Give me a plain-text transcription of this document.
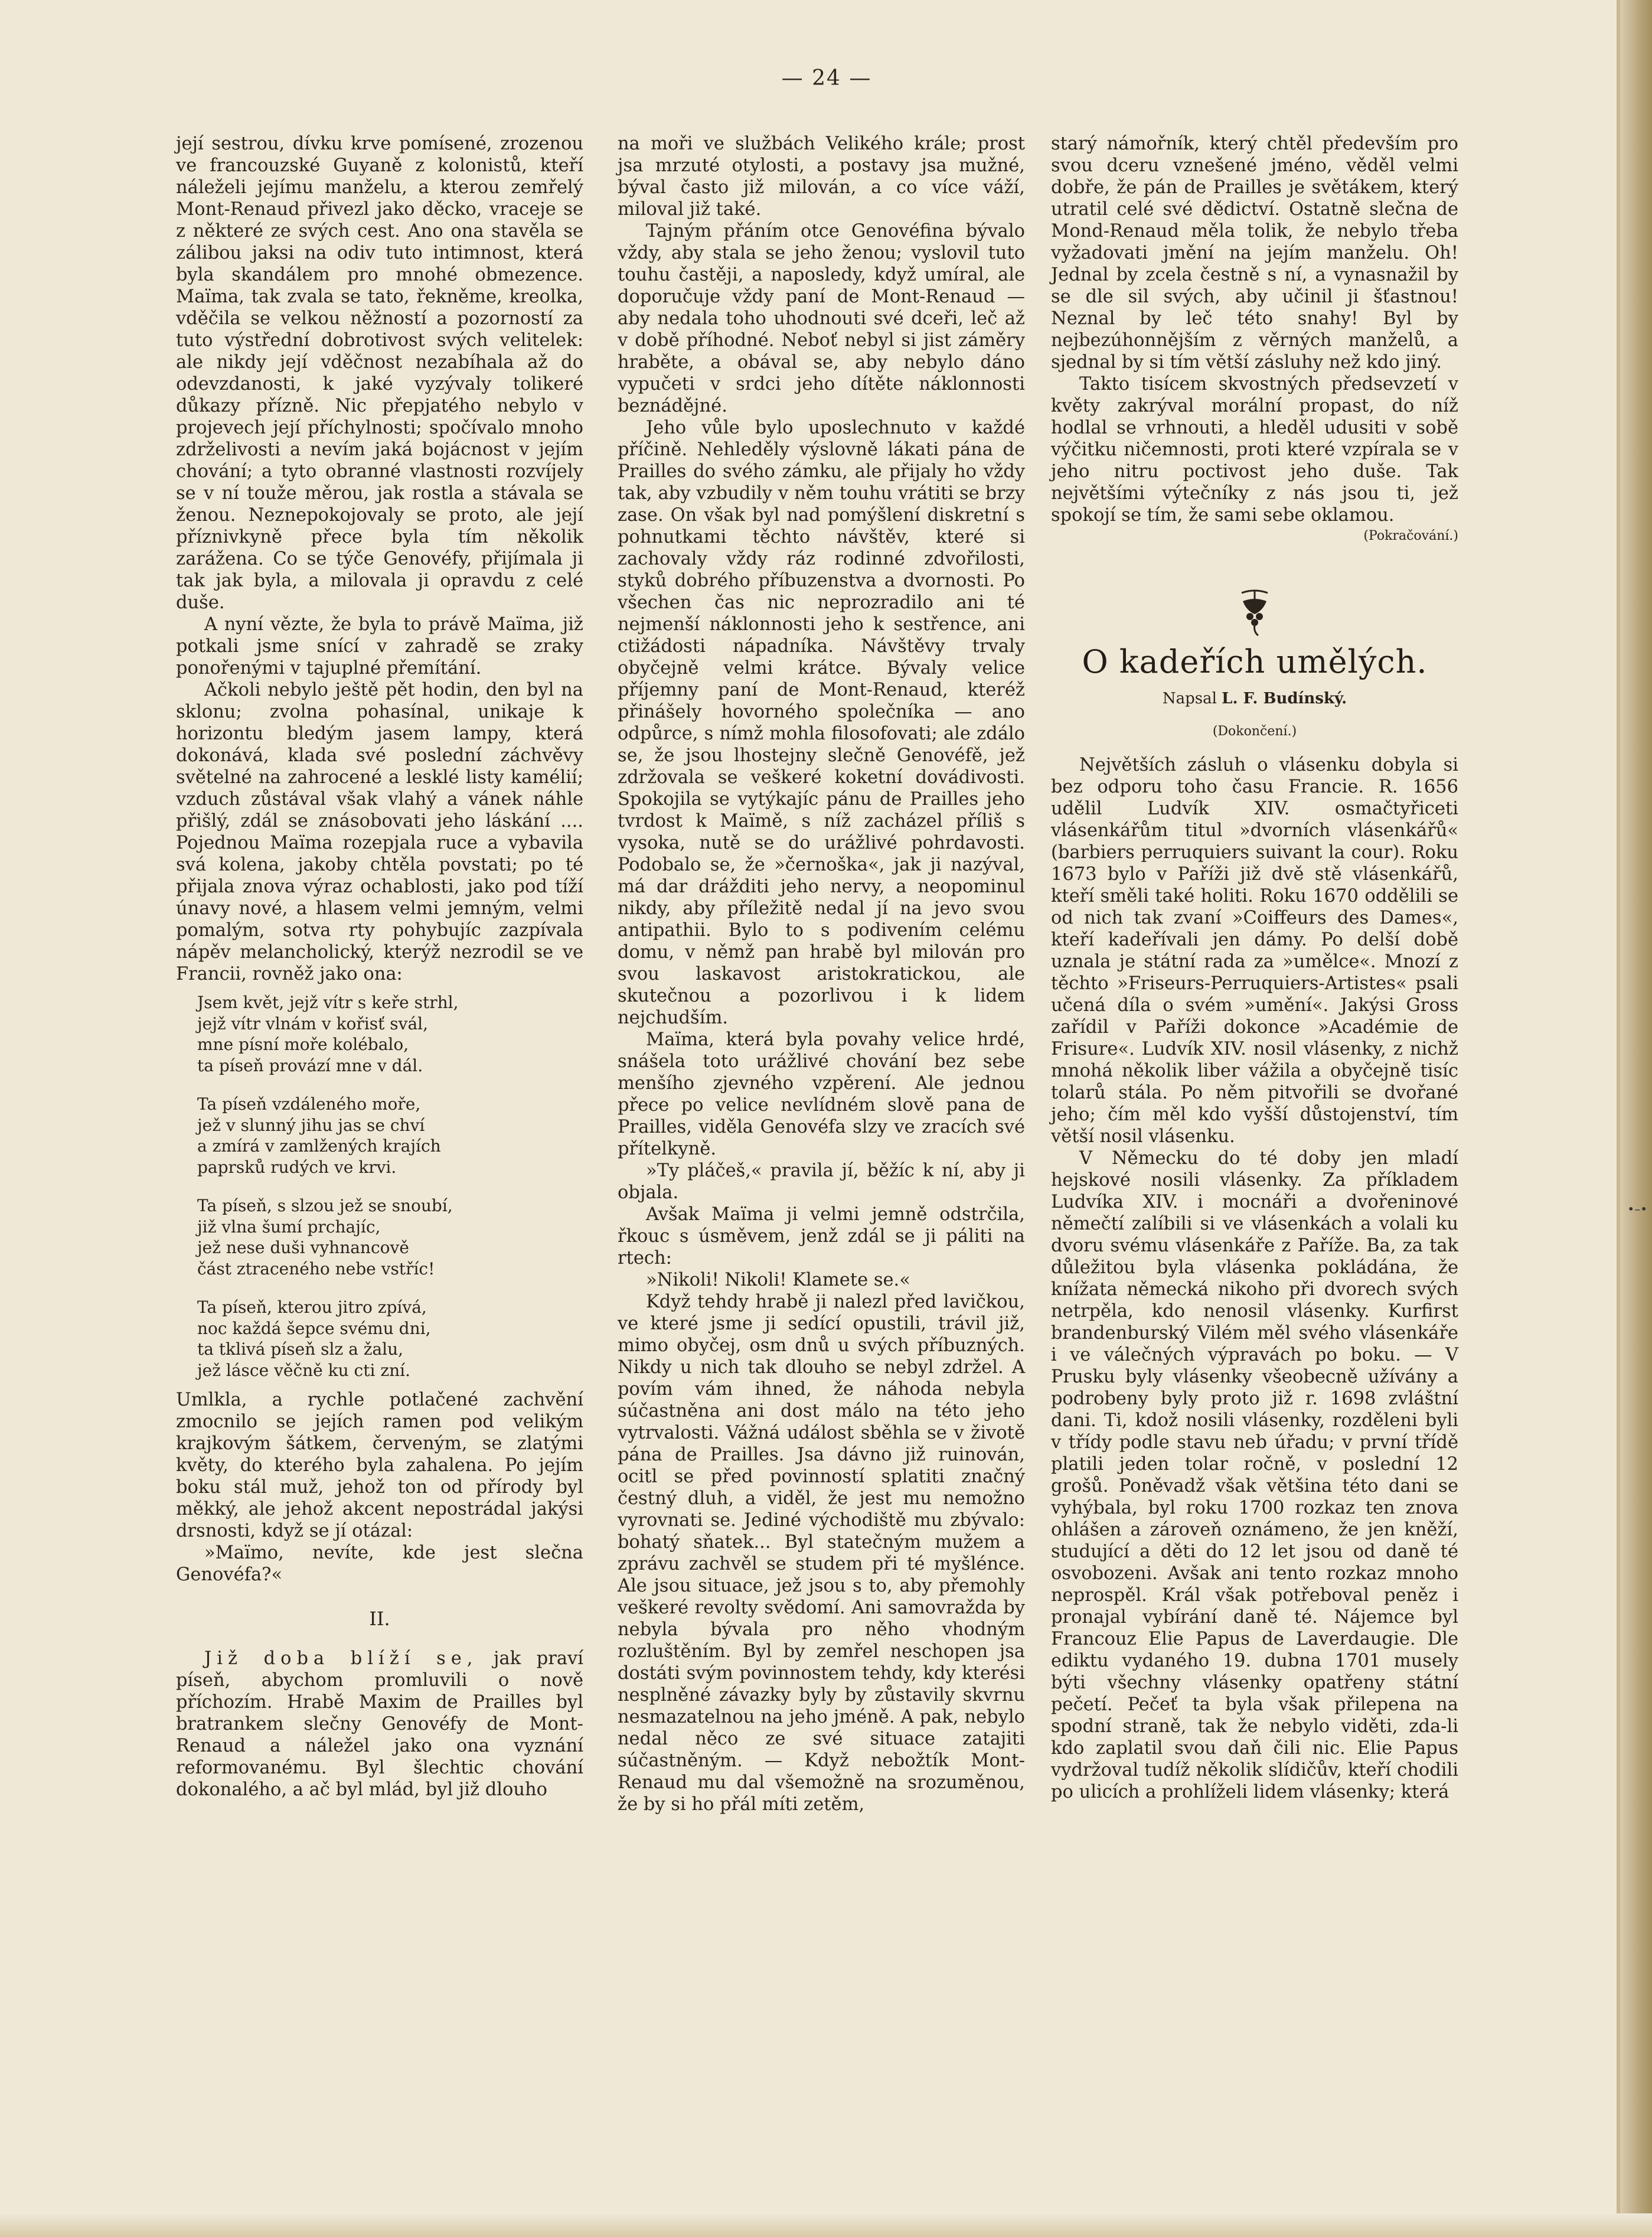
•–•
— 24 —

její sestrou, dívku krve pomísené, zrozenou ve francouzské Guyaně z kolonistů, kteří náleželi jejímu manželu, a kterou zemřelý Mont-Renaud přivezl jako děcko, vraceje se z některé ze svých cest. Ano ona stavěla se zálibou jaksi na odiv tuto intimnost, která byla skandálem pro mnohé obmezence. Maïma, tak zvala se tato, řekněme, kreolka, vděčila se velkou něžností a pozorností za tuto výstřední dobrotivost svých velitelek: ale nikdy její vděčnost nezabíhala až do odevzdanosti, k jaké vyzývaly tolikeré důkazy přízně. Nic přepjatého nebylo v projevech její příchylnosti; spočívalo mnoho zdrželivosti a nevím jaká bojácnost v jejím chování; a tyto obranné vlastnosti rozvíjely se v ní touže měrou, jak rostla a stávala se ženou. Neznepokojovaly se proto, ale její příznivkyně přece byla tím několik zarážena. Co se týče Genovéfy, přijímala ji tak jak byla, a milovala ji opravdu z celé duše.

A nyní vězte, že byla to právě Maïma, již potkali jsme snící v zahradě se zraky ponořenými v tajuplné přemítání.

Ačkoli nebylo ještě pět hodin, den byl na sklonu; zvolna pohasínal, unikaje k horizontu bledým jasem lampy, která dokonává, klada své poslední záchvěvy světelné na zahrocené a lesklé listy kamélií; vzduch zůstával však vlahý a vánek náhle přišlý, zdál se znásobovati jeho láskání .... Pojednou Maïma rozepjala ruce a vybavila svá kolena, jakoby chtěla povstati; po té přijala znova výraz ochablosti, jako pod tíží únavy nové, a hlasem velmi jemným, velmi pomalým, sotva rty pohybujíc zazpívala nápěv melancholický, kterýž nezrodil se ve Francii, rovněž jako ona:

Jsem květ, jejž vítr s keře strhl,
jejž vítr vlnám v kořisť svál,
mne písní moře kolébalo,
ta píseň provází mne v dál.
Ta píseň vzdáleného moře,
jež v slunný jihu jas se chví
a zmírá v zamlžených krajích
paprsků rudých ve krvi.
Ta píseň, s slzou jež se snoubí,
již vlna šumí prchajíc,
jež nese duši vyhnancově
část ztraceného nebe vstříc!
Ta píseň, kterou jitro zpívá,
noc každá šepce svému dni,
ta tklivá píseň slz a žalu,
jež lásce věčně ku cti zní.

Umlkla, a rychle potlačené zachvění zmocnilo se jejích ramen pod velikým krajkovým šátkem, červeným, se zlatými květy, do kterého byla zahalena. Po jejím boku stál muž, jehož ton od přírody byl měkký, ale jehož akcent nepostrádal jakýsi drsnosti, když se jí otázal:

»Maïmo, nevíte, kde jest slečna Genovéfa?«

II.

Již doba blíží se, jak praví píseň, abychom promluvili o nově příchozím. Hrabě Maxim de Prailles byl bratrankem slečny Genovéfy de Mont-Renaud a náležel jako ona vyznání reformovanému. Byl šlechtic chování dokonalého, a ač byl mlád, byl již dlouho

na moři ve službách Velikého krále; prost jsa mrzuté otylosti, a postavy jsa mužné, býval často již milován, a co více váží, miloval již také.

Tajným přáním otce Genovéfina bývalo vždy, aby stala se jeho ženou; vyslovil tuto touhu častěji, a naposledy, když umíral, ale doporučuje vždy paní de Mont-Renaud — aby nedala toho uhodnouti své dceři, leč až v době příhodné. Neboť nebyl si jist záměry hraběte, a obával se, aby nebylo dáno vypučeti v srdci jeho dítěte náklonnosti beznádějné.

Jeho vůle bylo uposlechnuto v každé příčině. Nehleděly výslovně lákati pána de Prailles do svého zámku, ale přijaly ho vždy tak, aby vzbudily v něm touhu vrátiti se brzy zase. On však byl nad pomýšlení diskretní s pohnutkami těchto návštěv, které si zachovaly vždy ráz rodinné zdvořilosti, styků dobrého příbuzenstva a dvornosti. Po všechen čas nic neprozradilo ani té nejmenší náklonnosti jeho k sestřence, ani ctižádosti nápadníka. Návštěvy trvaly obyčejně velmi krátce. Bývaly velice příjemny paní de Mont-Renaud, kteréž přinášely hovorného společníka — ano odpůrce, s nímž mohla filosofovati; ale zdálo se, že jsou lhostejny slečně Genovéfě, jež zdržovala se veškeré koketní dovádivosti. Spokojila se vytýkajíc pánu de Prailles jeho tvrdost k Maïmě, s níž zacházel příliš s vysoka, nutě se do urážlivé pohrdavosti. Podobalo se, že »černoška«, jak ji nazýval, má dar drážditi jeho nervy, a neopominul nikdy, aby příležitě nedal jí na jevo svou antipathii. Bylo to s podivením celému domu, v němž pan hrabě byl milován pro svou laskavost aristokratickou, ale skutečnou a pozorlivou i k lidem nejchudším.

Maïma, která byla povahy velice hrdé, snášela toto urážlivé chování bez sebe menšího zjevného vzpěrení. Ale jednou přece po velice nevlídném slově pana de Prailles, viděla Genovéfa slzy ve zracích své přítelkyně.

»Ty pláčeš,« pravila jí, běžíc k ní, aby ji objala.

Avšak Maïma ji velmi jemně odstrčila, řkouc s úsměvem, jenž zdál se ji páliti na rtech:

»Nikoli! Nikoli! Klamete se.«

Když tehdy hrabě ji nalezl před lavičkou, ve které jsme ji sedící opustili, trávil již, mimo obyčej, osm dnů u svých příbuzných. Nikdy u nich tak dlouho se nebyl zdržel. A povím vám ihned, že náhoda nebyla súčastněna ani dost málo na této jeho vytrvalosti. Vážná událost sběhla se v životě pána de Prailles. Jsa dávno již ruinován, ocitl se před povinností splatiti značný čestný dluh, a viděl, že jest mu nemožno vyrovnati se. Jediné východiště mu zbývalo: bohatý sňatek... Byl statečným mužem a zprávu zachvěl se studem při té myšlénce. Ale jsou situace, jež jsou s to, aby přemohly veškeré revolty svědomí. Ani samovražda by nebyla bývala pro něho vhodným rozluštěním. Byl by zemřel neschopen jsa dostáti svým povinnostem tehdy, kdy kterési nesplněné závazky byly by zůstavily skvrnu nesmazatelnou na jeho jméně. A pak, nebylo nedal něco ze své situace zatajiti súčastněným. — Když nebožtík Mont-Renaud mu dal všemožně na srozuměnou, že by si ho přál míti zetěm,

starý námořník, který chtěl především pro svou dceru vznešené jméno, věděl velmi dobře, že pán de Prailles je světákem, který utratil celé své dědictví. Ostatně slečna de Mond-Renaud měla tolik, že nebylo třeba vyžadovati jmění na jejím manželu. Oh! Jednal by zcela čestně s ní, a vynasnažil by se dle sil svých, aby učinil ji šťastnou! Neznal by leč této snahy! Byl by nejbezúhonnějším z věrných manželů, a sjednal by si tím větší zásluhy než kdo jiný.

Takto tisícem skvostných předsevzetí v květy zakrýval morální propast, do níž hodlal se vrhnouti, a hleděl udusiti v sobě výčitku ničemnosti, proti které vzpírala se v jeho nitru poctivost jeho duše. Tak největšími výtečníky z nás jsou ti, jež spokojí se tím, že sami sebe oklamou.

(Pokračování.)
O kadeřích umělých.
Napsal L. F. Budínský.
(Dokončení.)

Největších zásluh o vlásenku dobyla si bez odporu toho času Francie. R. 1656 udělil Ludvík XIV. osmačtyřiceti vlásenkářům titul »dvorních vlásenkářů« (barbiers perruquiers suivant la cour). Roku 1673 bylo v Paříži již dvě stě vlásenkářů, kteří směli také holiti. Roku 1670 oddělili se od nich tak zvaní »Coiffeurs des Dames«, kteří kadeřívali jen dámy. Po delší době uznala je státní rada za »umělce«. Mnozí z těchto »Friseurs-Perruquiers-Artistes« psali učená díla o svém »umění«. Jakýsi Gross zařídil v Paříži dokonce »Académie de Frisure«. Ludvík XIV. nosil vlásenky, z nichž mnohá několik liber vážila a obyčejně tisíc tolarů stála. Po něm pitvořili se dvořané jeho; čím měl kdo vyšší důstojenství, tím větší nosil vlásenku.

V Německu do té doby jen mladí hejskové nosili vlásenky. Za příkladem Ludvíka XIV. i mocnáři a dvořeninové němečtí zalíbili si ve vlásenkách a volali ku dvoru svému vlásenkáře z Paříže. Ba, za tak důležitou byla vlásenka pokládána, že knížata německá nikoho při dvorech svých netrpěla, kdo nenosil vlásenky. Kurfirst brandenburský Vilém měl svého vlásenkáře i ve válečných výpravách po boku. — V Prusku byly vlásenky všeobecně užívány a podrobeny byly proto již r. 1698 zvláštní dani. Ti, kdož nosili vlásenky, rozděleni byli v třídy podle stavu neb úřadu; v první třídě platili jeden tolar ročně, v poslední 12 grošů. Poněvadž však většina této dani se vyhýbala, byl roku 1700 rozkaz ten znova ohlášen a zároveň oznámeno, že jen kněží, studující a děti do 12 let jsou od daně té osvobozeni. Avšak ani tento rozkaz mnoho neprospěl. Král však potřeboval peněz i pronajal vybírání daně té. Nájemce byl Francouz Elie Papus de Laverdaugie. Dle ediktu vydaného 19. dubna 1701 musely býti všechny vlásenky opatřeny státní pečetí. Pečeť ta byla však přilepena na spodní straně, tak že nebylo viděti, zda-li kdo zaplatil svou daň čili nic. Elie Papus vydržoval tudíž několik slídičův, kteří chodili po ulicích a prohlíželi lidem vlásenky; která
